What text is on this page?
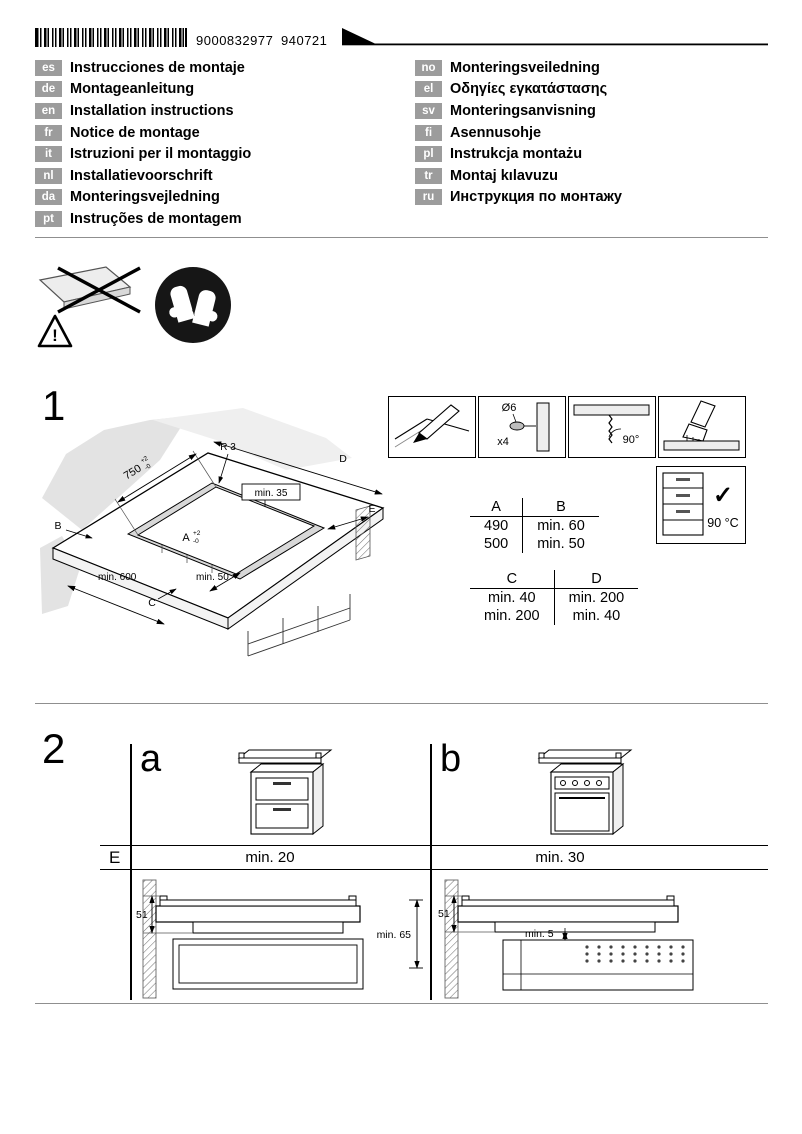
9000832977 940721
es	Instrucciones de montaje
de	Montageanleitung
en	Installation instructions
fr	Notice de montage
it	Istruzioni per il montaggio
nl	Installatievoorschrift
da	Monteringsvejledning
pt	Instruções de montagem
no Monteringsveiledning
el	Οδηγίες εγκατάστασης
sv	Monteringsanvisning
fi	Asennusohje
pl	Instrukcja montażu
tr	Montaj kılavuzu
ru	Инструкция по монтажу
!
1
750
+2
-0
R 3
min. 35
D
E
B
A +2
-0
min. 600	min. 50
C
Ø6
x4	90°
✓
90 °C
A	B
490	min. 60
500	min. 50
C	D
min. 40	min. 200
min. 200	min. 40
2 a	b
E	min. 20	min. 30
51
min. 65
51
min. 5
